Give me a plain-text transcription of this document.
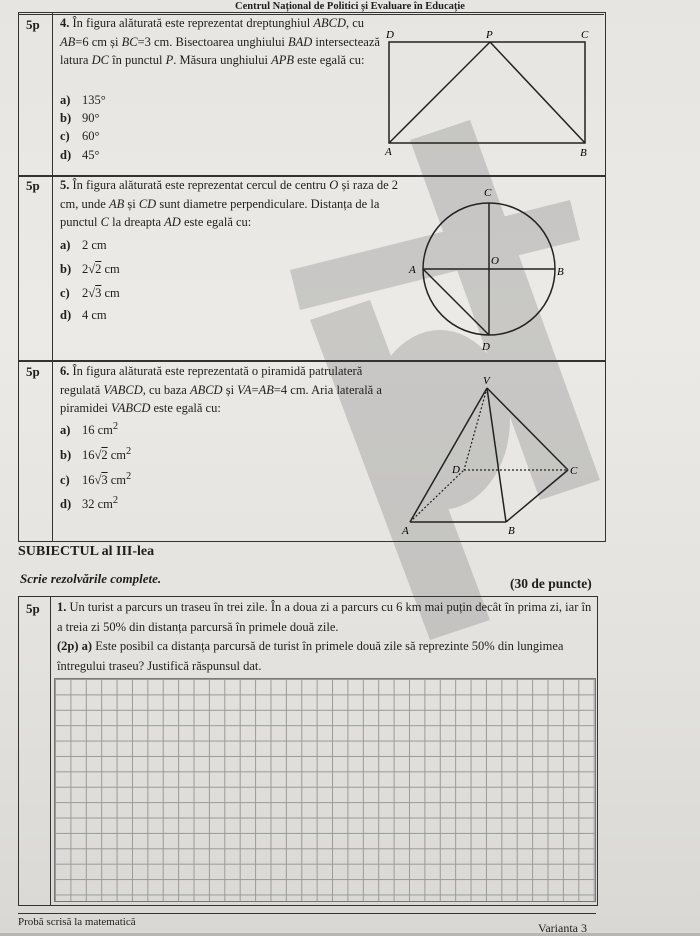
Centrul Național de Politici și Evaluare în Educație
5p 4. În figura alăturată este reprezentat dreptunghiul ABCD, cu AB=6 cm și BC=3 cm. Bisectoarea unghiului BAD intersectează latura DC în punctul P. Măsura unghiului APB este egală cu:
a) 135°
b) 90°
c) 60°
d) 45°
D	P	C
A	B
5p 5. În figura alăturată este reprezentat cercul de centru O și raza de 2 cm, unde AB și CD sunt diametre perpendiculare. Distanța de la punctul C la dreapta AD este egală cu:
a) 2 cm
b) 2√2 cm
c) 2√3 cm
d) 4 cm
C
A
O
B
D
5p 6. În figura alăturată este reprezentată o piramidă patrulateră regulată VABCD, cu baza ABCD și VA=AB=4 cm. Aria laterală a piramidei VABCD este egală cu:
a) 16 $cm^2$
b) 16√2 $cm^2$
c) 16√3 $cm^2$
d) 32 $cm^2$
V
D	C
A	B
SUBIECTUL al III-lea
Scrie rezolvările complete.	(30 de puncte)
5p 1. Un turist a parcurs un traseu în trei zile. În a doua zi a parcurs cu 6 km mai puțin decât în prima zi, iar în a treia zi 50% din distanța parcursă în primele două zile.
(2p) a) Este posibil ca distanța parcursă de turist în primele două zile să reprezinte 50% din lungimea întregului traseu? Justifică răspunsul dat.
Probă scrisă la matematică	Varianta 3
